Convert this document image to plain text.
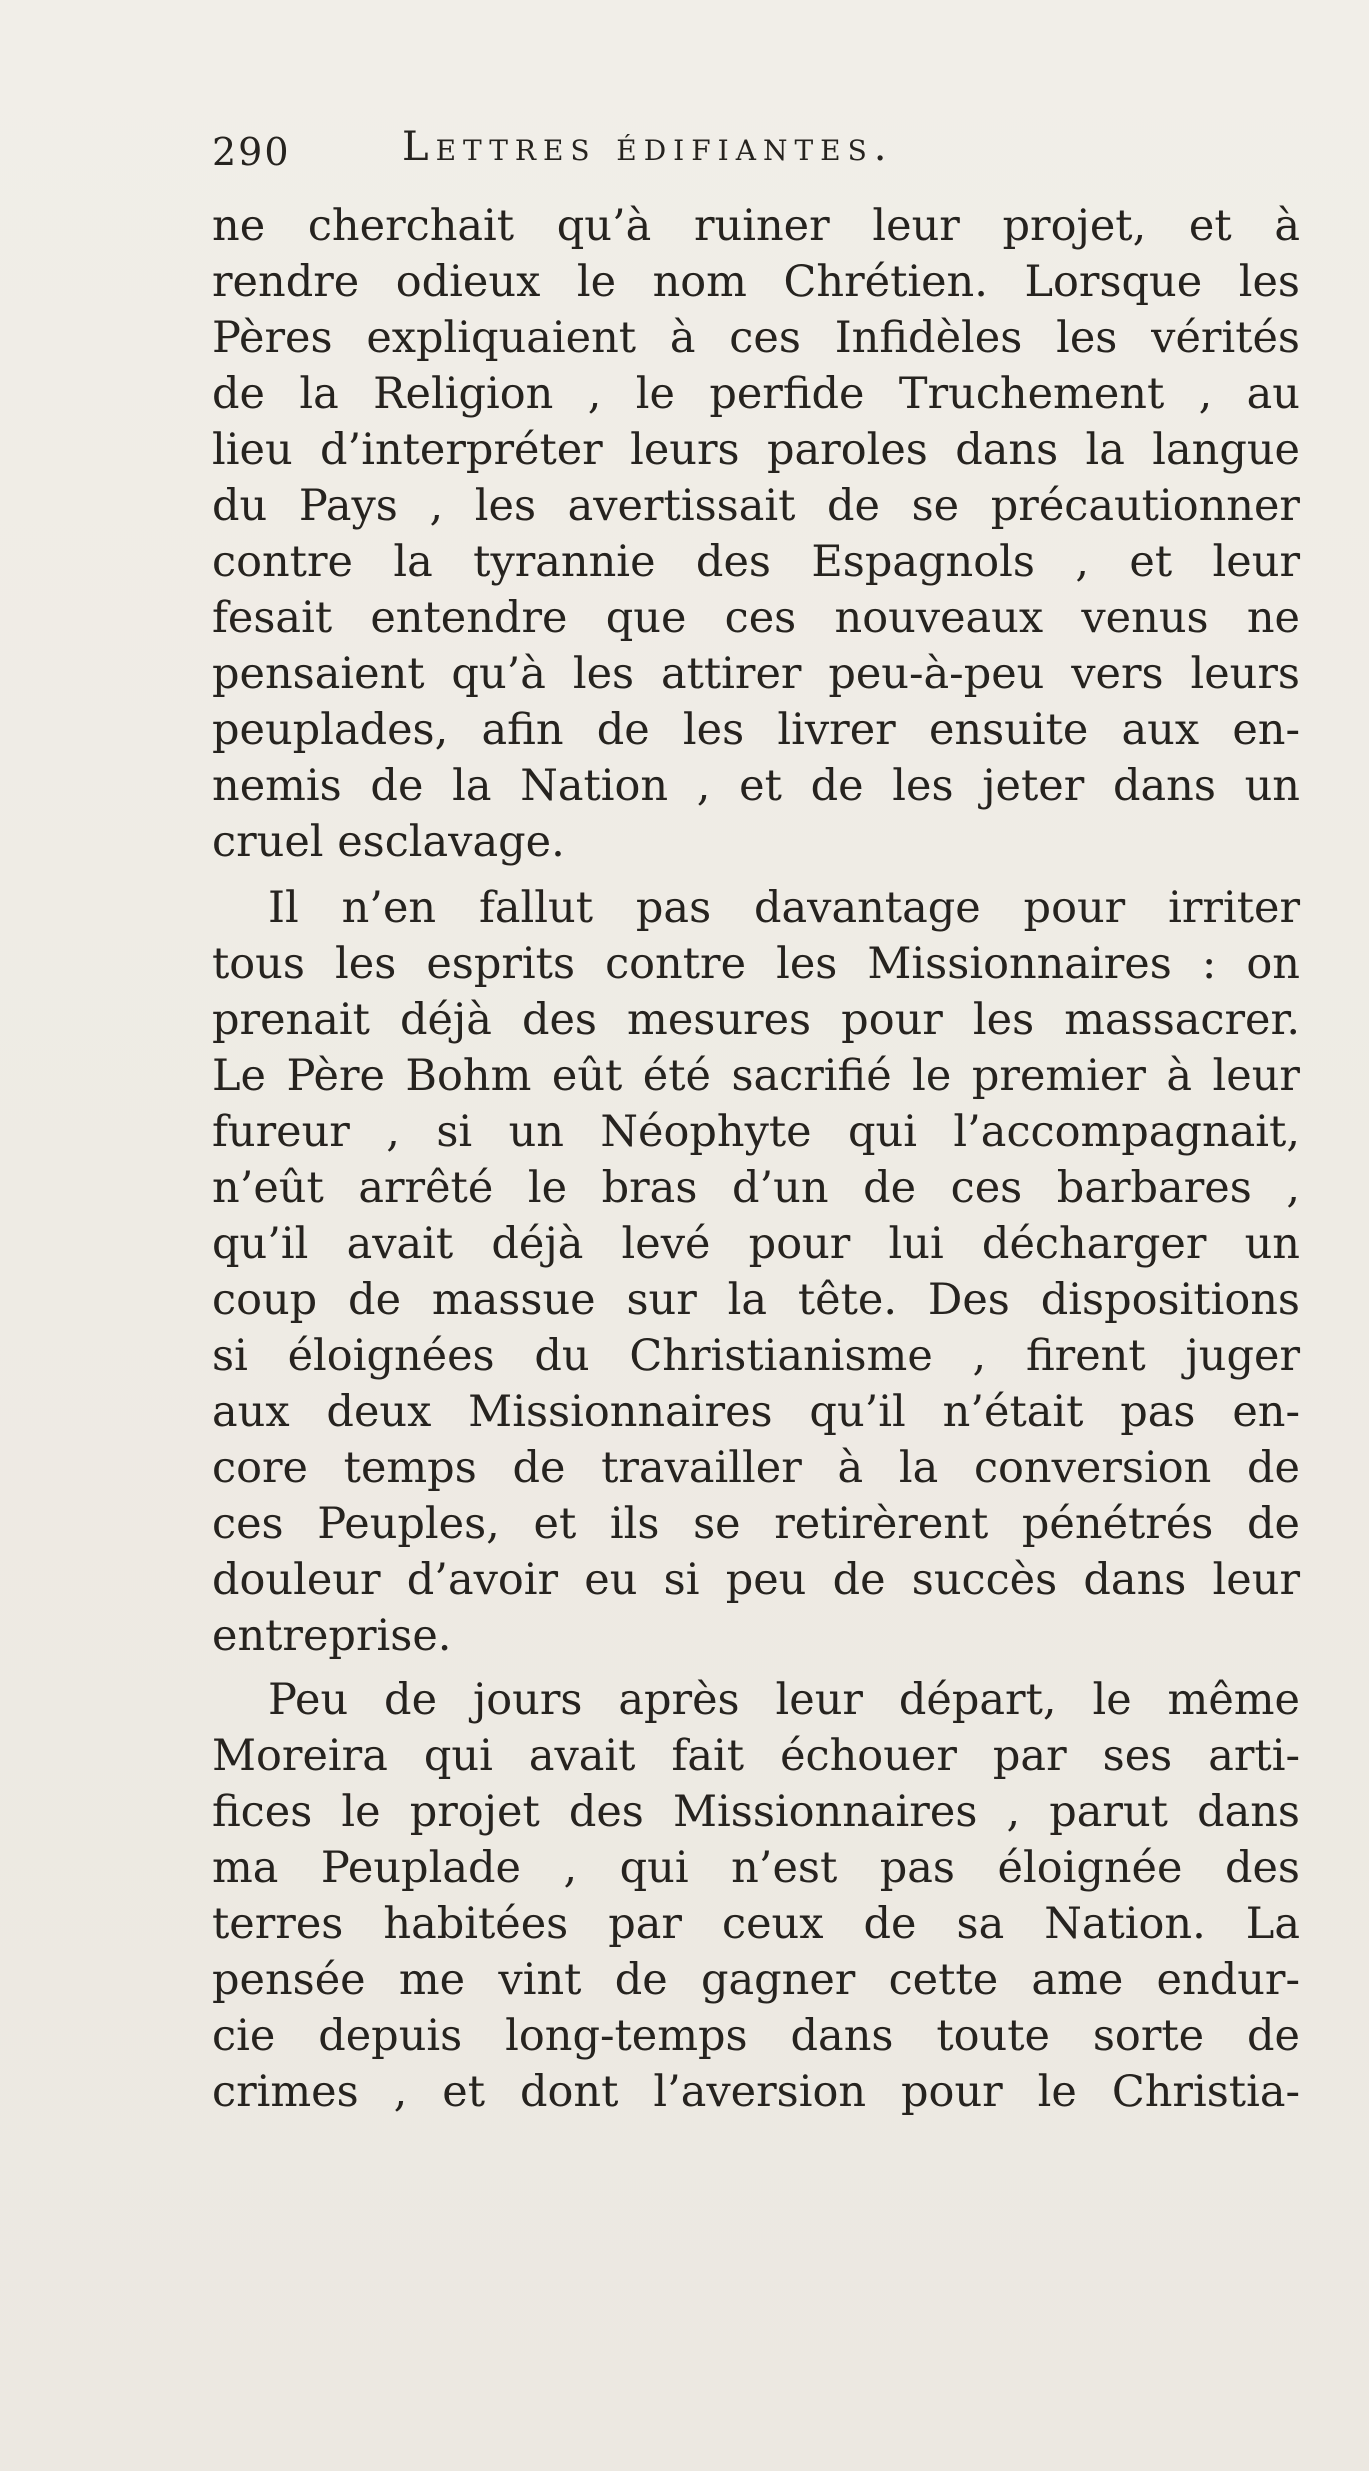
290	Lettres édifiantes.
ne cherchait qu’à ruiner leur projet, et à
rendre odieux le nom Chrétien. Lorsque les
Pères expliquaient à ces Infidèles les vérités
de la Religion , le perfide Truchement , au
lieu d’interpréter leurs paroles dans la langue
du Pays , les avertissait de se précautionner
contre la tyrannie des Espagnols , et leur
fesait entendre que ces nouveaux venus ne
pensaient qu’à les attirer peu-à-peu vers leurs
peuplades, afin de les livrer ensuite aux en-
nemis de la Nation , et de les jeter dans un
cruel esclavage.
Il n’en fallut pas davantage pour irriter
tous les esprits contre les Missionnaires : on
prenait déjà des mesures pour les massacrer.
Le Père Bohm eût été sacrifié le premier à leur
fureur , si un Néophyte qui l’accompagnait,
n’eût arrêté le bras d’un de ces barbares ,
qu’il avait déjà levé pour lui décharger un
coup de massue sur la tête. Des dispositions
si éloignées du Christianisme , firent juger
aux deux Missionnaires qu’il n’était pas en-
core temps de travailler à la conversion de
ces Peuples, et ils se retirèrent pénétrés de
douleur d’avoir eu si peu de succès dans leur
entreprise.
Peu de jours après leur départ, le même
Moreira qui avait fait échouer par ses arti-
fices le projet des Missionnaires , parut dans
ma Peuplade , qui n’est pas éloignée des
terres habitées par ceux de sa Nation. La
pensée me vint de gagner cette ame endur-
cie depuis long-temps dans toute sorte de
crimes , et dont l’aversion pour le Christia-
